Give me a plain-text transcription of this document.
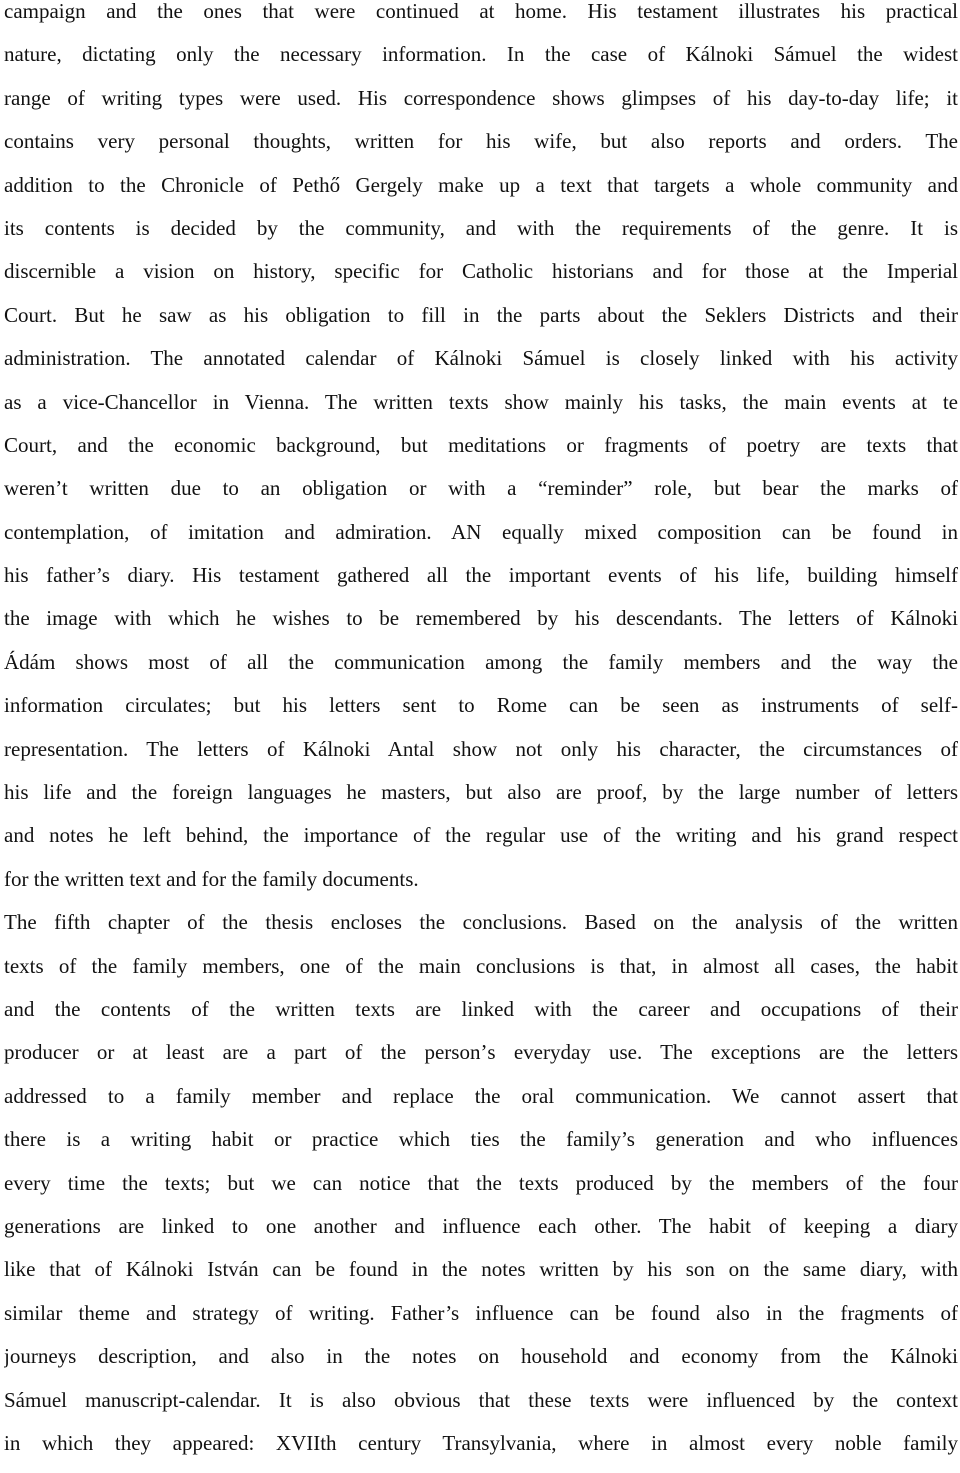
campaign and the ones that were continued at home. His testament illustrates his practical
nature, dictating only the necessary information. In the case of Kálnoki Sámuel the widest
range of writing types were used. His correspondence shows glimpses of his day-to-day life; it
contains very personal thoughts, written for his wife, but also reports and orders. The
addition to the Chronicle of Pethő Gergely make up a text that targets a whole community and
its contents is decided by the community, and with the requirements of the genre. It is
discernible a vision on history, specific for Catholic historians and for those at the Imperial
Court. But he saw as his obligation to fill in the parts about the Seklers Districts and their
administration. The annotated calendar of Kálnoki Sámuel is closely linked with his activity
as a vice-Chancellor in Vienna. The written texts show mainly his tasks, the main events at te
Court, and the economic background, but meditations or fragments of poetry are texts that
weren’t written due to an obligation or with a “reminder” role, but bear the marks of
contemplation, of imitation and admiration. AN equally mixed composition can be found in
his father’s diary. His testament gathered all the important events of his life, building himself
the image with which he wishes to be remembered by his descendants. The letters of Kálnoki
Ádám shows most of all the communication among the family members and the way the
information circulates; but his letters sent to Rome can be seen as instruments of self-
representation. The letters of Kálnoki Antal show not only his character, the circumstances of
his life and the foreign languages he masters, but also are proof, by the large number of letters
and notes he left behind, the importance of the regular use of the writing and his grand respect
for the written text and for the family documents.
The fifth chapter of the thesis encloses the conclusions. Based on the analysis of the written
texts of the family members, one of the main conclusions is that, in almost all cases, the habit
and the contents of the written texts are linked with the career and occupations of their
producer or at least are a part of the personʼs everyday use. The exceptions are the letters
addressed to a family member and replace the oral communication. We cannot assert that
there is a writing habit or practice which ties the family’s generation and who influences
every time the texts; but we can notice that the texts produced by the members of the four
generations are linked to one another and influence each other. The habit of keeping a diary
like that of Kálnoki István can be found in the notes written by his son on the same diary, with
similar theme and strategy of writing. Father’s influence can be found also in the fragments of
journeys description, and also in the notes on household and economy from the Kálnoki
Sámuel manuscript-calendar. It is also obvious that these texts were influenced by the context
in which they appeared: XVIIth century Transylvania, where in almost every noble family
